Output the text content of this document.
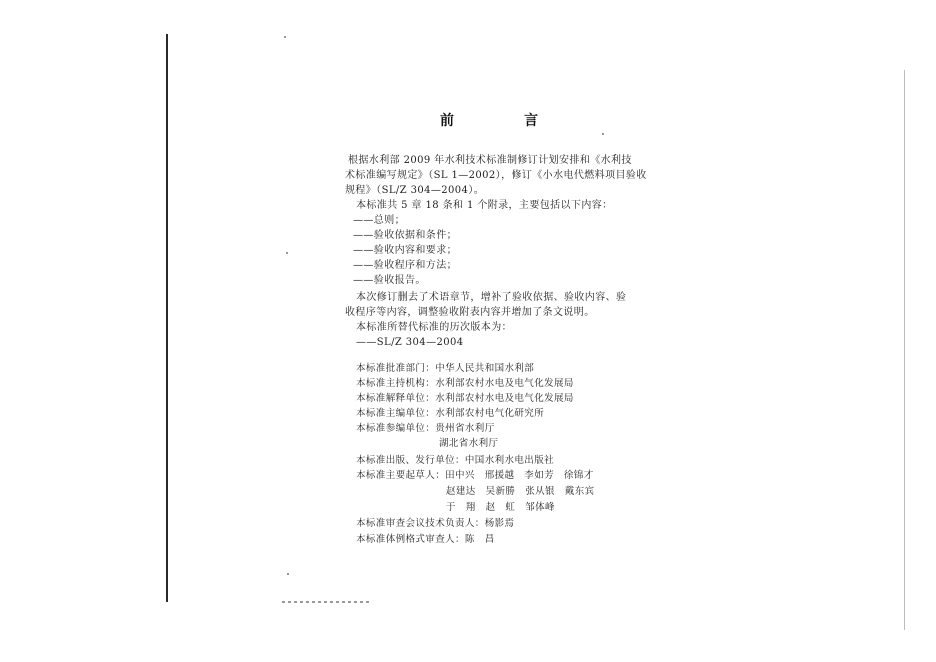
前　言
根据水利部 2009 年水利技术标准制修订计划安排和《水利技
术标准编写规定》（SL 1—2002），修订《小水电代燃料项目验收
规程》（SL/Z 304—2004）。
本标准共 5 章 18 条和 1 个附录，主要包括以下内容：
——总则；
——验收依据和条件；
——验收内容和要求；
——验收程序和方法；
——验收报告。
本次修订删去了术语章节，增补了验收依据、验收内容、验
收程序等内容，调整验收附表内容并增加了条文说明。
本标准所替代标准的历次版本为：
——SL/Z 304—2004
本标准批准部门：中华人民共和国水利部
本标准主持机构：水利部农村水电及电气化发展局
本标准解释单位：水利部农村水电及电气化发展局
本标准主编单位：水利部农村电气化研究所
本标准参编单位：贵州省水利厅
湖北省水利厅
本标准出版、发行单位：中国水利水电出版社
本标准主要起草人：田中兴　邢援越　李如芳　徐锦才
赵建达　吴新勝　张从银　戴东宾
于　翔　赵　虹　邹体峰
本标准审查会议技术负责人：杨影焉
本标准体例格式审查人：陈　昌
